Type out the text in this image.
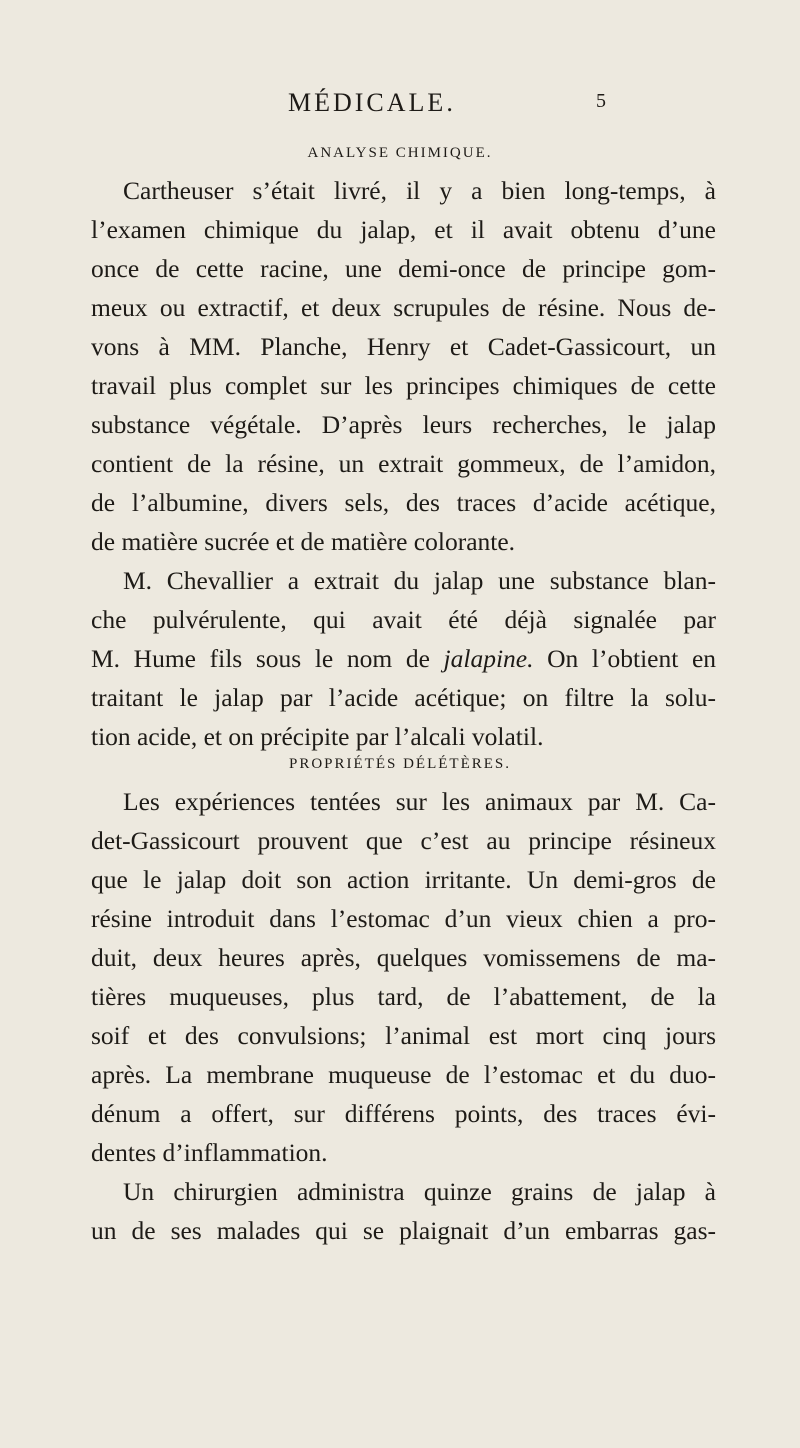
MÉDICALE.	5
ANALYSE CHIMIQUE.
Cartheuser s’était livré, il y a bien long-temps, à
l’examen chimique du jalap, et il avait obtenu d’une
once de cette racine, une demi-once de principe gom-
meux ou extractif, et deux scrupules de résine. Nous de-
vons à MM. Planche, Henry et Cadet-Gassicourt, un
travail plus complet sur les principes chimiques de cette
substance végétale. D’après leurs recherches, le jalap
contient de la résine, un extrait gommeux, de l’amidon,
de l’albumine, divers sels, des traces d’acide acétique,
de matière sucrée et de matière colorante.
M. Chevallier a extrait du jalap une substance blan-
che pulvérulente, qui avait été déjà signalée par
M. Hume fils sous le nom de jalapine. On l’obtient en
traitant le jalap par l’acide acétique; on filtre la solu-
tion acide, et on précipite par l’alcali volatil.
PROPRIÉTÉS DÉLÉTÈRES.
Les expériences tentées sur les animaux par M. Ca-
det-Gassicourt prouvent que c’est au principe résineux
que le jalap doit son action irritante. Un demi-gros de
résine introduit dans l’estomac d’un vieux chien a pro-
duit, deux heures après, quelques vomissemens de ma-
tières muqueuses, plus tard, de l’abattement, de la
soif et des convulsions; l’animal est mort cinq jours
après. La membrane muqueuse de l’estomac et du duo-
dénum a offert, sur différens points, des traces évi-
dentes d’inflammation.
Un chirurgien administra quinze grains de jalap à
un de ses malades qui se plaignait d’un embarras gas-
